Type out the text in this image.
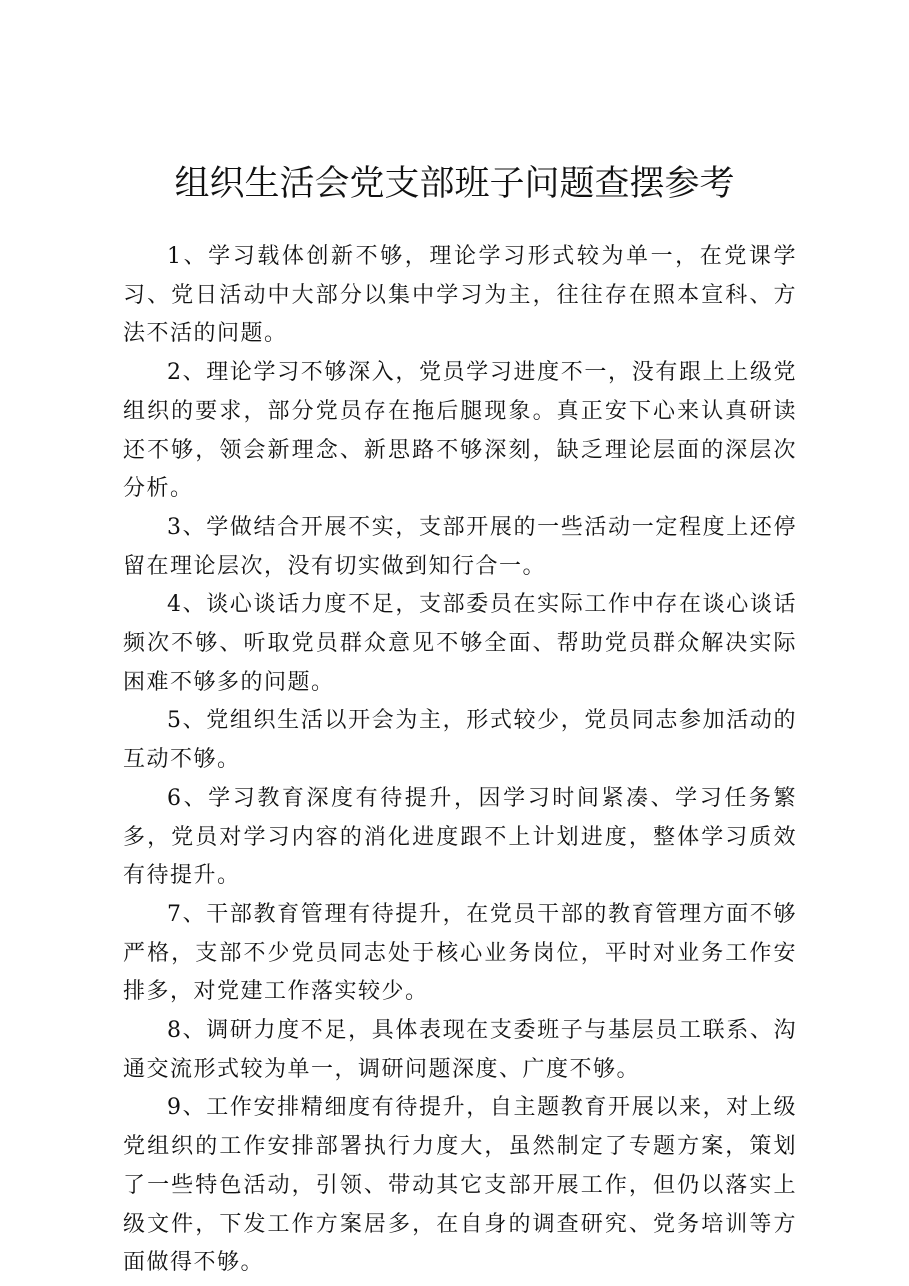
组织生活会党支部班子问题查摆参考

1、学习载体创新不够，理论学习形式较为单一，在党课学习、党日活动中大部分以集中学习为主，往往存在照本宣科、方法不活的问题。

2、理论学习不够深入，党员学习进度不一，没有跟上上级党组织的要求，部分党员存在拖后腿现象。真正安下心来认真研读还不够，领会新理念、新思路不够深刻，缺乏理论层面的深层次分析。

3、学做结合开展不实，支部开展的一些活动一定程度上还停留在理论层次，没有切实做到知行合一。

4、谈心谈话力度不足，支部委员在实际工作中存在谈心谈话频次不够、听取党员群众意见不够全面、帮助党员群众解决实际困难不够多的问题。

5、党组织生活以开会为主，形式较少，党员同志参加活动的互动不够。

6、学习教育深度有待提升，因学习时间紧凑、学习任务繁多，党员对学习内容的消化进度跟不上计划进度，整体学习质效有待提升。

7、干部教育管理有待提升，在党员干部的教育管理方面不够严格，支部不少党员同志处于核心业务岗位，平时对业务工作安排多，对党建工作落实较少。

8、调研力度不足，具体表现在支委班子与基层员工联系、沟通交流形式较为单一，调研问题深度、广度不够。

9、工作安排精细度有待提升，自主题教育开展以来，对上级党组织的工作安排部署执行力度大，虽然制定了专题方案，策划了一些特色活动，引领、带动其它支部开展工作，但仍以落实上级文件，下发工作方案居多，在自身的调查研究、党务培训等方面做得不够。
